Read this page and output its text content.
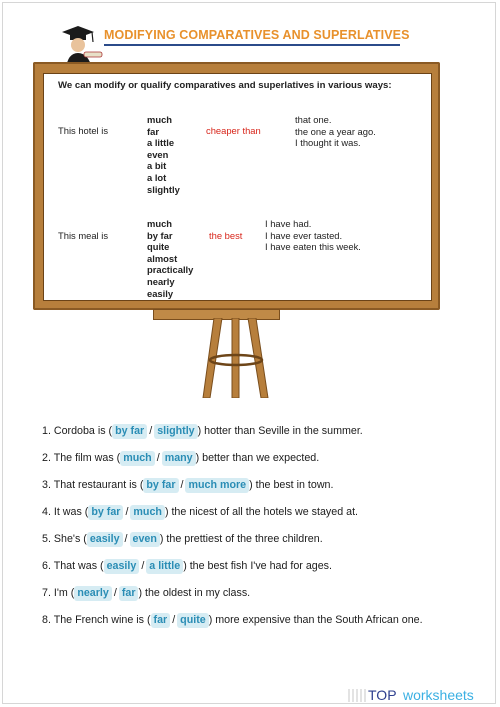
MODIFYING COMPARATIVES AND SUPERLATIVES
We can modify or qualify comparatives and superlatives in various ways:
This hotel is
much
far
a little
even
a bit
a lot
slightly
cheaper than
that one.
the one a year ago.
I thought it was.
This meal is
much
by far
quite
almost
practically
nearly
easily
the best
I have had.
I have ever tasted.
I have eaten this week.
1. Cordoba is ( by far / slightly ) hotter than Seville in the summer.
2. The film was ( much / many ) better than we expected.
3. That restaurant is ( by far / much more ) the best in town.
4. It was ( by far / much ) the nicest of all the hotels we stayed at.
5. She's ( easily / even ) the prettiest of the three children.
6. That was ( easily / a little ) the best fish I've had for ages.
7. I'm ( nearly / far ) the oldest in my class.
8. The French wine is ( far / quite ) more expensive than the South African one.
TOP worksheets
